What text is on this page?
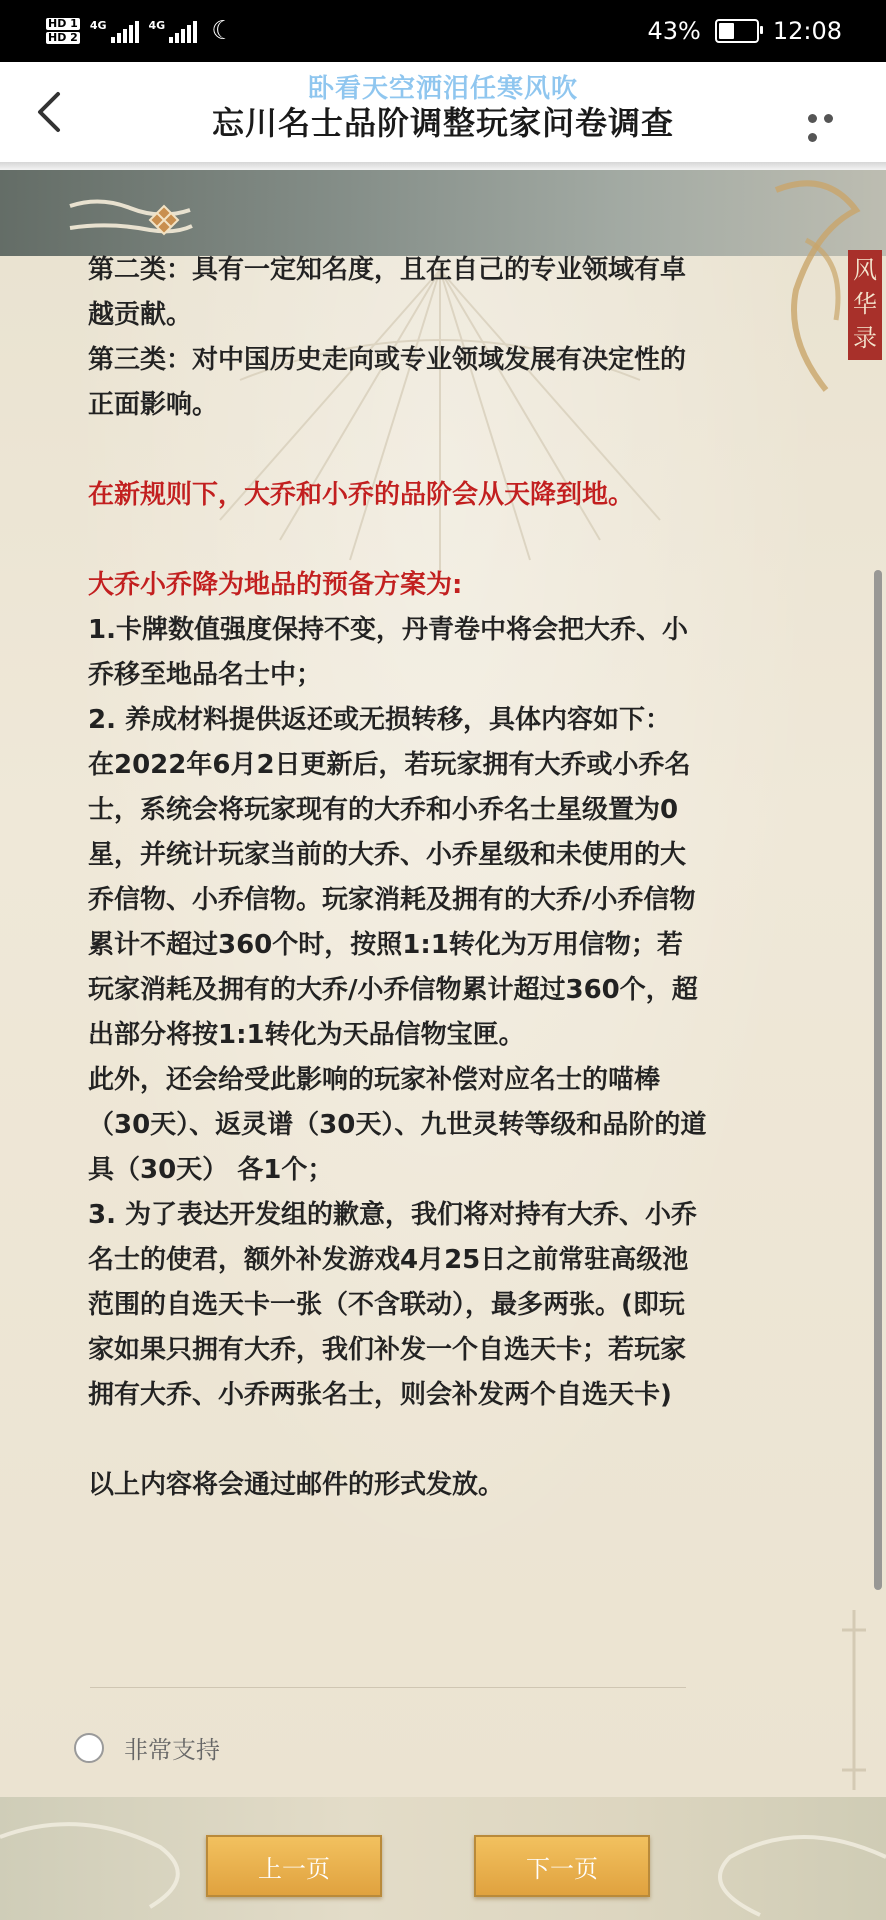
HD 1
HD 2
4G	4G ☾	43%	12:08
卧看天空洒泪任寒风吹
忘川名士品阶调整玩家问卷调查
风
华
录

第二类：具有一定知名度，且在自己的专业领域有卓越贡献。

第三类：对中国历史走向或专业领域发展有决定性的正面影响。

在新规则下，大乔和小乔的品阶会从天降到地。

大乔小乔降为地品的预备方案为:

1.卡牌数值强度保持不变，丹青卷中将会把大乔、小乔移至地品名士中；

2. 养成材料提供返还或无损转移，具体内容如下：

在2022年6月2日更新后，若玩家拥有大乔或小乔名士，系统会将玩家现有的大乔和小乔名士星级置为0星，并统计玩家当前的大乔、小乔星级和未使用的大乔信物、小乔信物。玩家消耗及拥有的大乔/小乔信物累计不超过360个时，按照1:1转化为万用信物；若玩家消耗及拥有的大乔/小乔信物累计超过360个，超出部分将按1:1转化为天品信物宝匣。

此外，还会给受此影响的玩家补偿对应名士的喵棒（30天）、返灵谱（30天）、九世灵转等级和品阶的道具（30天） 各1个；

3. 为了表达开发组的歉意，我们将对持有大乔、小乔名士的使君，额外补发游戏4月25日之前常驻高级池范围的自选天卡一张（不含联动），最多两张。(即玩家如果只拥有大乔，我们补发一个自选天卡；若玩家拥有大乔、小乔两张名士，则会补发两个自选天卡)

以上内容将会通过邮件的形式发放。

非常支持
上一页	下一页
